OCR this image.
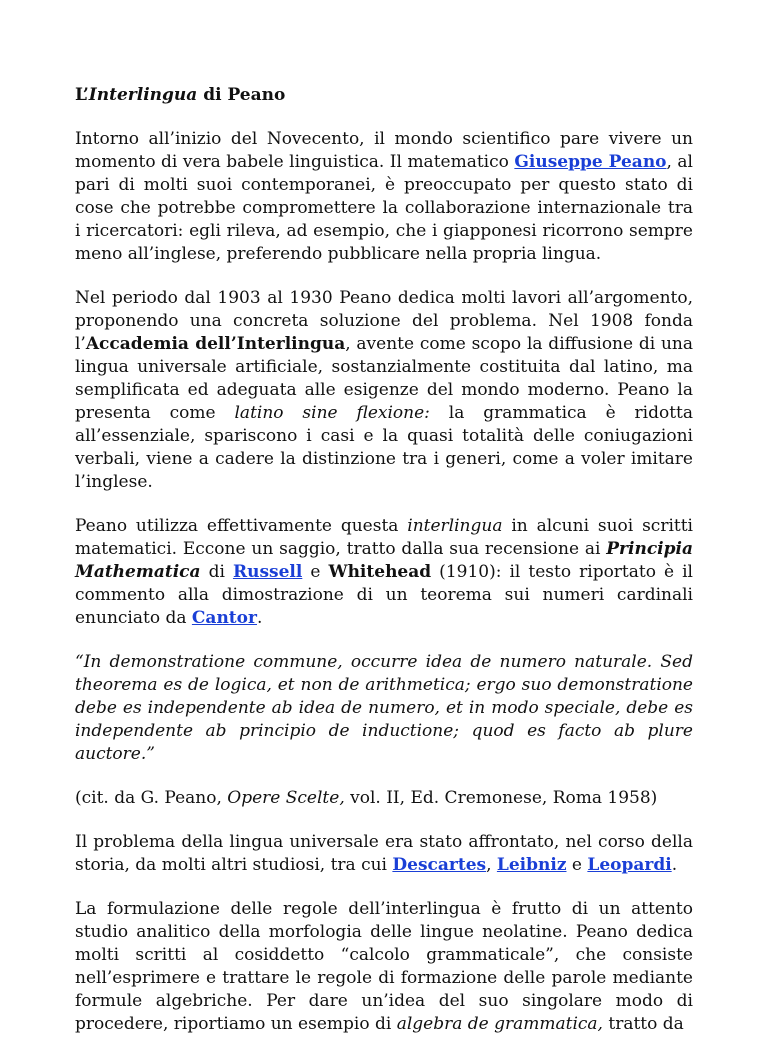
L’Interlingua di Peano

Intorno all’inizio del Novecento, il mondo scientifico pare vivere un momento di vera babele linguistica. Il matematico Giuseppe Peano, al pari di molti suoi contemporanei, è preoccupato per questo stato di cose che potrebbe compromettere la collaborazione internazionale tra i ricercatori: egli rileva, ad esempio, che i giapponesi ricorrono sempre meno all’inglese, preferendo pubblicare nella propria lingua.

Nel periodo dal 1903 al 1930 Peano dedica molti lavori all’argomento, proponendo una concreta soluzione del problema. Nel 1908 fonda l’Accademia dell’Interlingua, avente come scopo la diffusione di una lingua universale artificiale, sostanzialmente costituita dal latino, ma semplificata ed adeguata alle esigenze del mondo moderno. Peano la presenta come latino sine flexione: la grammatica è ridotta all’essenziale, spariscono i casi e la quasi totalità delle coniugazioni verbali, viene a cadere la distinzione tra i generi, come a voler imitare l’inglese.

Peano utilizza effettivamente questa interlingua in alcuni suoi scritti matematici. Eccone un saggio, tratto dalla sua recensione ai Principia Mathematica di Russell e Whitehead (1910): il testo riportato è il commento alla dimostrazione di un teorema sui numeri cardinali enunciato da Cantor.

“In demonstratione commune, occurre idea de numero naturale. Sed theorema es de logica, et non de arithmetica; ergo suo demonstratione debe es independente ab idea de numero, et in modo speciale, debe es independente ab principio de inductione; quod es facto ab plure auctore.”

(cit. da G. Peano, Opere Scelte, vol. II, Ed. Cremonese, Roma 1958)

Il problema della lingua universale era stato affrontato, nel corso della storia, da molti altri studiosi, tra cui Descartes, Leibniz e Leopardi.

La formulazione delle regole dell’interlingua è frutto di un attento studio analitico della morfologia delle lingue neolatine. Peano dedica molti scritti al cosiddetto “calcolo grammaticale”, che consiste nell’esprimere e trattare le regole di formazione delle parole mediante formule algebriche. Per dare un’idea del suo singolare modo di procedere, riportiamo un esempio di algebra de grammatica, tratto da
